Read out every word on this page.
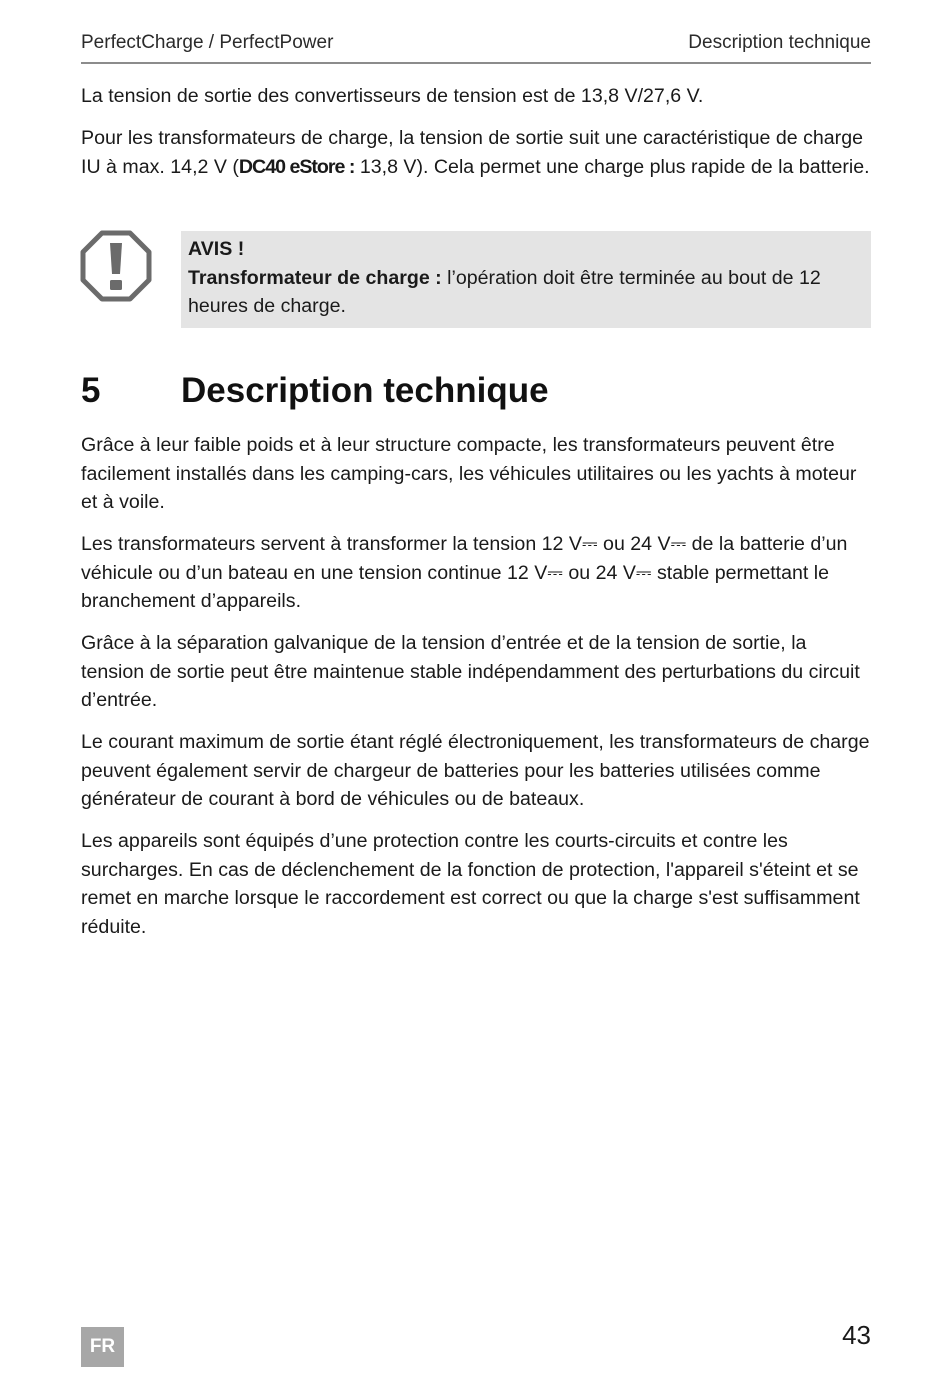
PerfectCharge / PerfectPower	Description technique

La tension de sortie des convertisseurs de tension est de 13,8 V/27,6 V.

Pour les transformateurs de charge, la tension de sortie suit une caractéristique de charge IU à max. 14,2 V (DC40 eStore : 13,8 V). Cela permet une charge plus rapide de la batterie.

AVIS !
Transformateur de charge : l’opération doit être terminée au bout de 12 heures de charge.
5 Description technique

Grâce à leur faible poids et à leur structure compacte, les transformateurs peuvent être facilement installés dans les camping-cars, les véhicules utilitaires ou les yachts à moteur et à voile.

Les transformateurs servent à transformer la tension 12 V⎓ ou 24 V⎓ de la batterie d’un véhicule ou d’un bateau en une tension continue 12 V⎓ ou 24 V⎓ stable permettant le branchement d’appareils.

Grâce à la séparation galvanique de la tension d’entrée et de la tension de sortie, la tension de sortie peut être maintenue stable indépendamment des perturbations du circuit d’entrée.

Le courant maximum de sortie étant réglé électroniquement, les transformateurs de charge peuvent également servir de chargeur de batteries pour les batteries utilisées comme générateur de courant à bord de véhicules ou de bateaux.

Les appareils sont équipés d’une protection contre les courts-circuits et contre les surcharges. En cas de déclenchement de la fonction de protection, l'appareil s'éteint et se remet en marche lorsque le raccordement est correct ou que la charge s'est suffisamment réduite.

FR	43
